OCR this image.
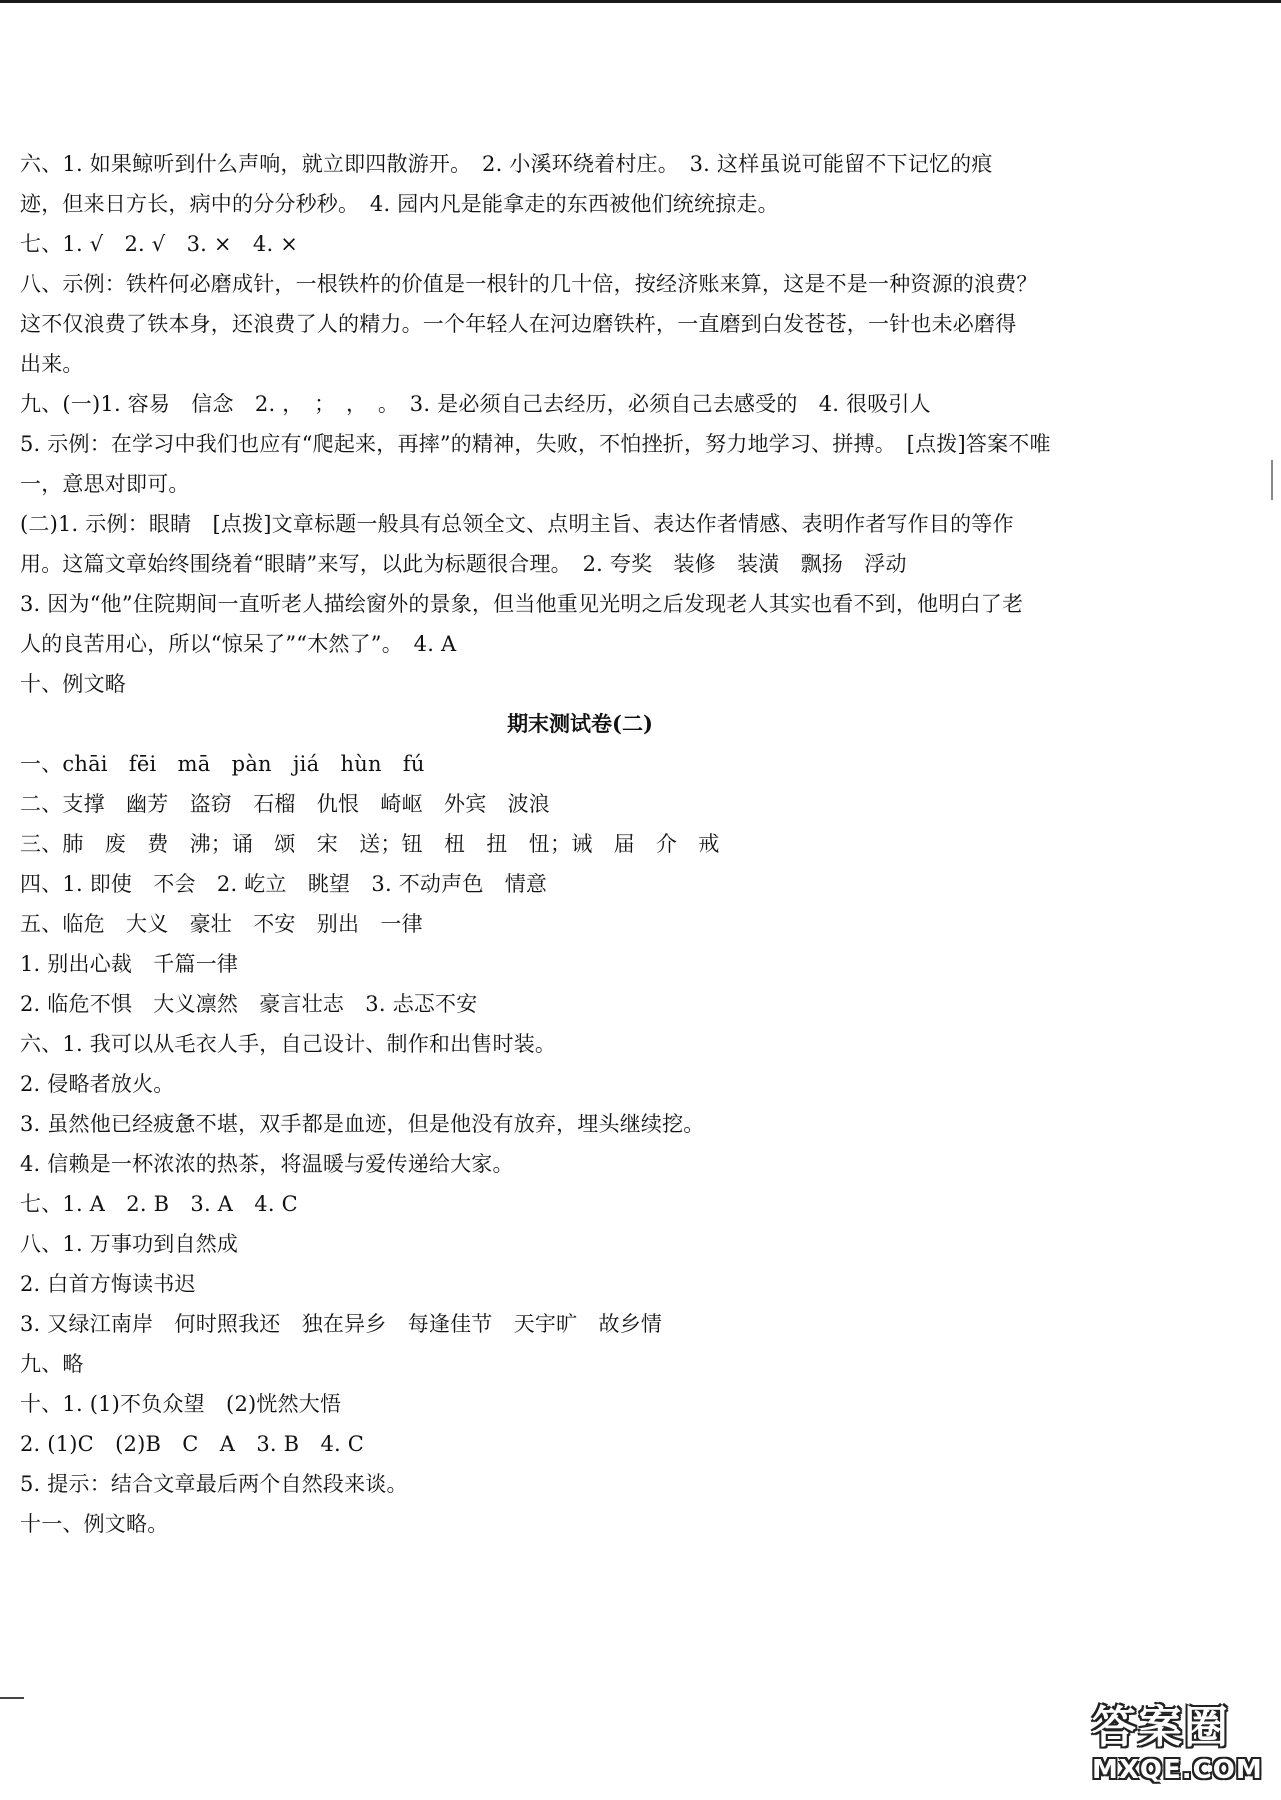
六、1. 如果鲸听到什么声响，就立即四散游开。　2. 小溪环绕着村庄。　3. 这样虽说可能留不下记忆的痕
迹，但来日方长，病中的分分秒秒。　4. 园内凡是能拿走的东西被他们统统掠走。
七、1. √　2. √　3. ×　4. ×
八、示例：铁杵何必磨成针，一根铁杵的价值是一根针的几十倍，按经济账来算，这是不是一种资源的浪费？
这不仅浪费了铁本身，还浪费了人的精力。一个年轻人在河边磨铁杵，一直磨到白发苍苍，一针也未必磨得
出来。
九、(一)1. 容易　信念　2. ，　；　，　。　3. 是必须自己去经历，必须自己去感受的　4. 很吸引人
5. 示例：在学习中我们也应有“爬起来，再摔”的精神，失败，不怕挫折，努力地学习、拼搏。　[点拨]答案不唯
一，意思对即可。
(二)1. 示例：眼睛　[点拨]文章标题一般具有总领全文、点明主旨、表达作者情感、表明作者写作目的等作
用。这篇文章始终围绕着“眼睛”来写，以此为标题很合理。　2. 夸奖　装修　装潢　飘扬　浮动
3. 因为“他”住院期间一直听老人描绘窗外的景象，但当他重见光明之后发现老人其实也看不到，他明白了老
人的良苦用心，所以“惊呆了”“木然了”。　4. A
十、例文略
期末测试卷(二)
一、chāi　fēi　mā　pàn　jiá　hùn　fú
二、支撑　幽芳　盗窃　石榴　仇恨　崎岖　外宾　波浪
三、肺　废　费　沸；诵　颂　宋　送；钮　杻　扭　忸；诫　届　介　戒
四、1. 即使　不会　2. 屹立　眺望　3. 不动声色　情意
五、临危　大义　豪壮　不安　别出　一律
1. 别出心裁　千篇一律
2. 临危不惧　大义凛然　豪言壮志　3. 忐忑不安
六、1. 我可以从毛衣人手，自己设计、制作和出售时装。
2. 侵略者放火。
3. 虽然他已经疲惫不堪，双手都是血迹，但是他没有放弃，埋头继续挖。
4. 信赖是一杯浓浓的热茶，将温暖与爱传递给大家。
七、1. A　2. B　3. A　4. C
八、1. 万事功到自然成
2. 白首方悔读书迟
3. 又绿江南岸　何时照我还　独在异乡　每逢佳节　天宇旷　故乡情
九、略
十、1. (1)不负众望　(2)恍然大悟
2. (1)C　(2)B　C　A　3. B　4. C
5. 提示：结合文章最后两个自然段来谈。
十一、例文略。
答案圈
MXQE.COM
